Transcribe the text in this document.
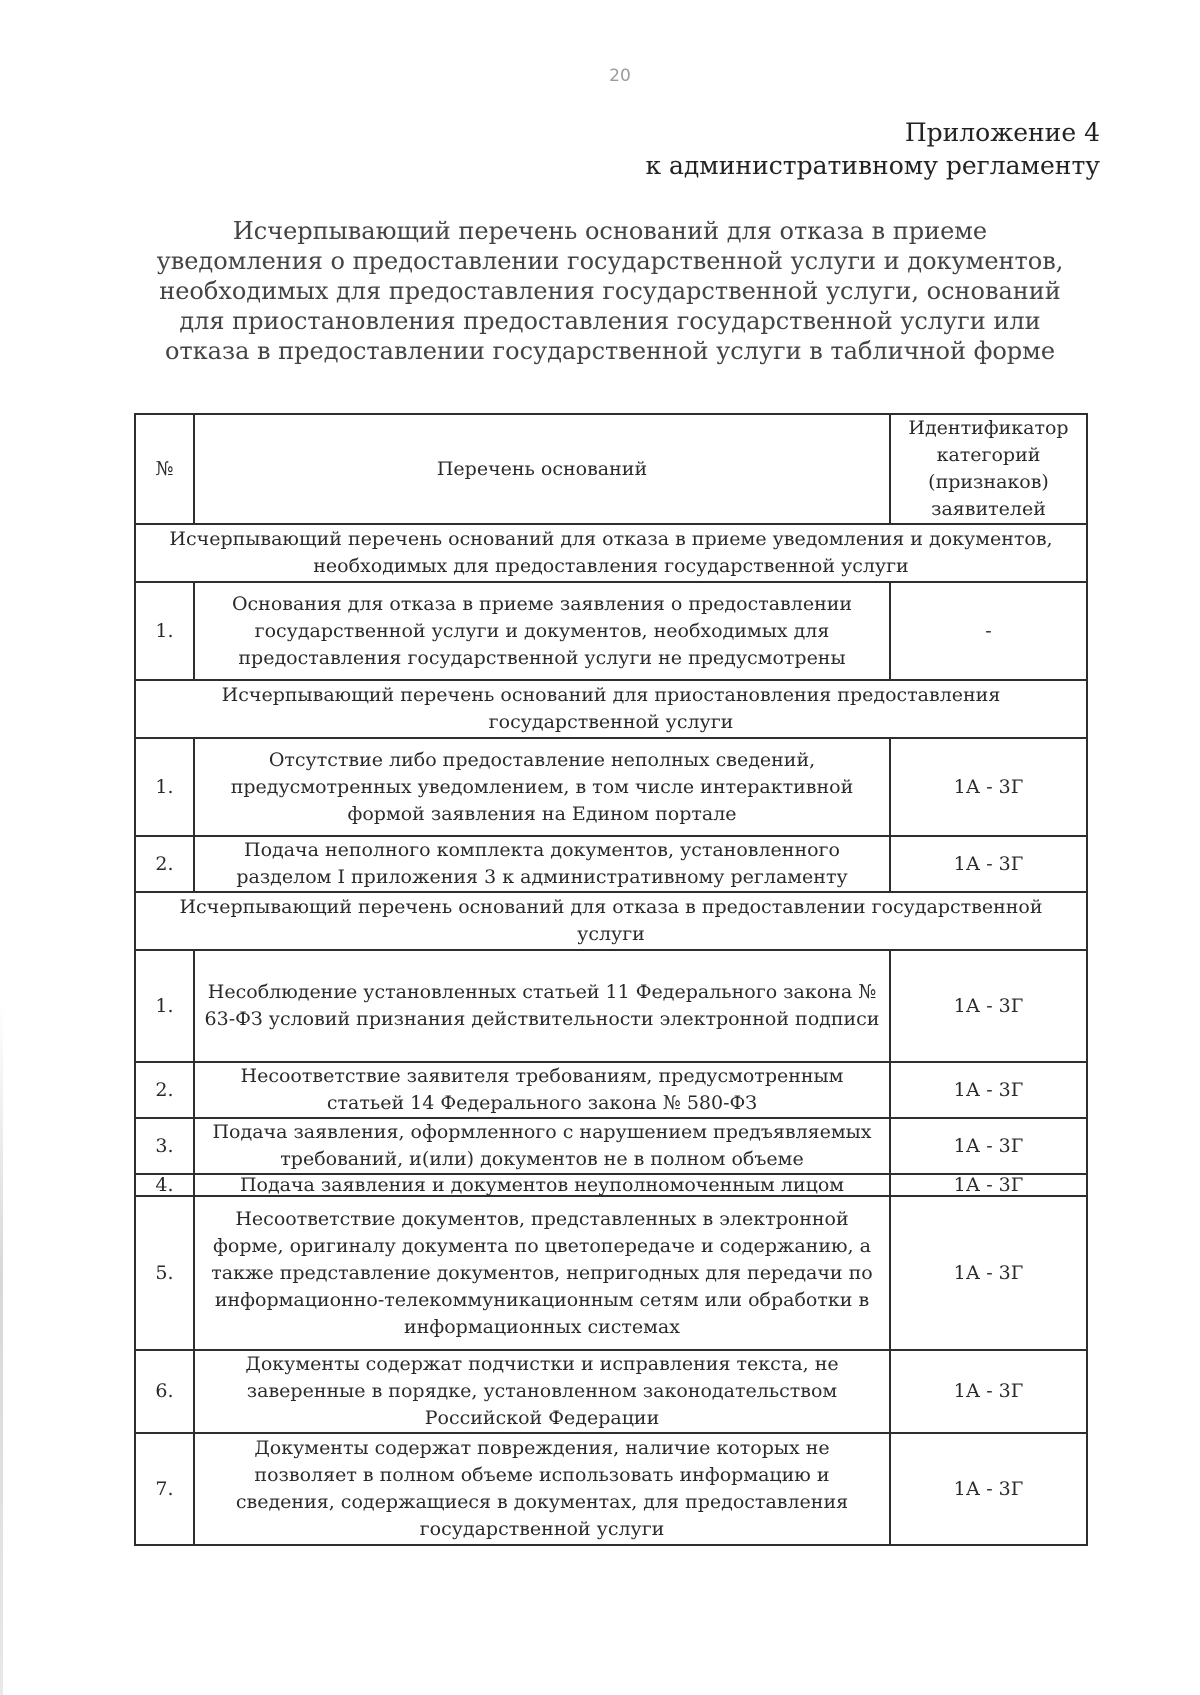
20
Приложение 4
к административному регламенту
Исчерпывающий перечень оснований для отказа в приеме уведомления о предоставлении государственной услуги и документов, необходимых для предоставления государственной услуги, оснований для приостановления предоставления государственной услуги или отказа в предоставлении государственной услуги в табличной форме
№	Перечень оснований	Идентификатор категорий (признаков) заявителей
Исчерпывающий перечень оснований для отказа в приеме уведомления и документов, необходимых для предоставления государственной услуги		
1.	Основания для отказа в приеме заявления о предоставлении государственной услуги и документов, необходимых для предоставления государственной услуги не предусмотрены	-
Исчерпывающий перечень оснований для приостановления предоставления государственной услуги		
1.	Отсутствие либо предоставление неполных сведений, предусмотренных уведомлением, в том числе интерактивной формой заявления на Едином портале	1А - 3Г
2.	Подача неполного комплекта документов, установленного разделом I приложения 3 к административному регламенту	1А - 3Г
Исчерпывающий перечень оснований для отказа в предоставлении государственной услуги		
1.	Несоблюдение установленных статьей 11 Федерального закона № 63-ФЗ условий признания действительности электронной подписи	1А - 3Г
2.	Несоответствие заявителя требованиям, предусмотренным статьей 14 Федерального закона № 580-ФЗ	1А - 3Г
3.	Подача заявления, оформленного с нарушением предъявляемых требований, и(или) документов не в полном объеме	1А - 3Г
4.	Подача заявления и документов неуполномоченным лицом	1А - 3Г
5.	Несоответствие документов, представленных в электронной форме, оригиналу документа по цветопередаче и содержанию, а также представление документов, непригодных для передачи по информационно-телекоммуникационным сетям или обработки в информационных системах	1А - 3Г
6.	Документы содержат подчистки и исправления текста, не заверенные в порядке, установленном законодательством Российской Федерации	1А - 3Г
7.	Документы содержат повреждения, наличие которых не позволяет в полном объеме использовать информацию и сведения, содержащиеся в документах, для предоставления государственной услуги	1А - 3Г
